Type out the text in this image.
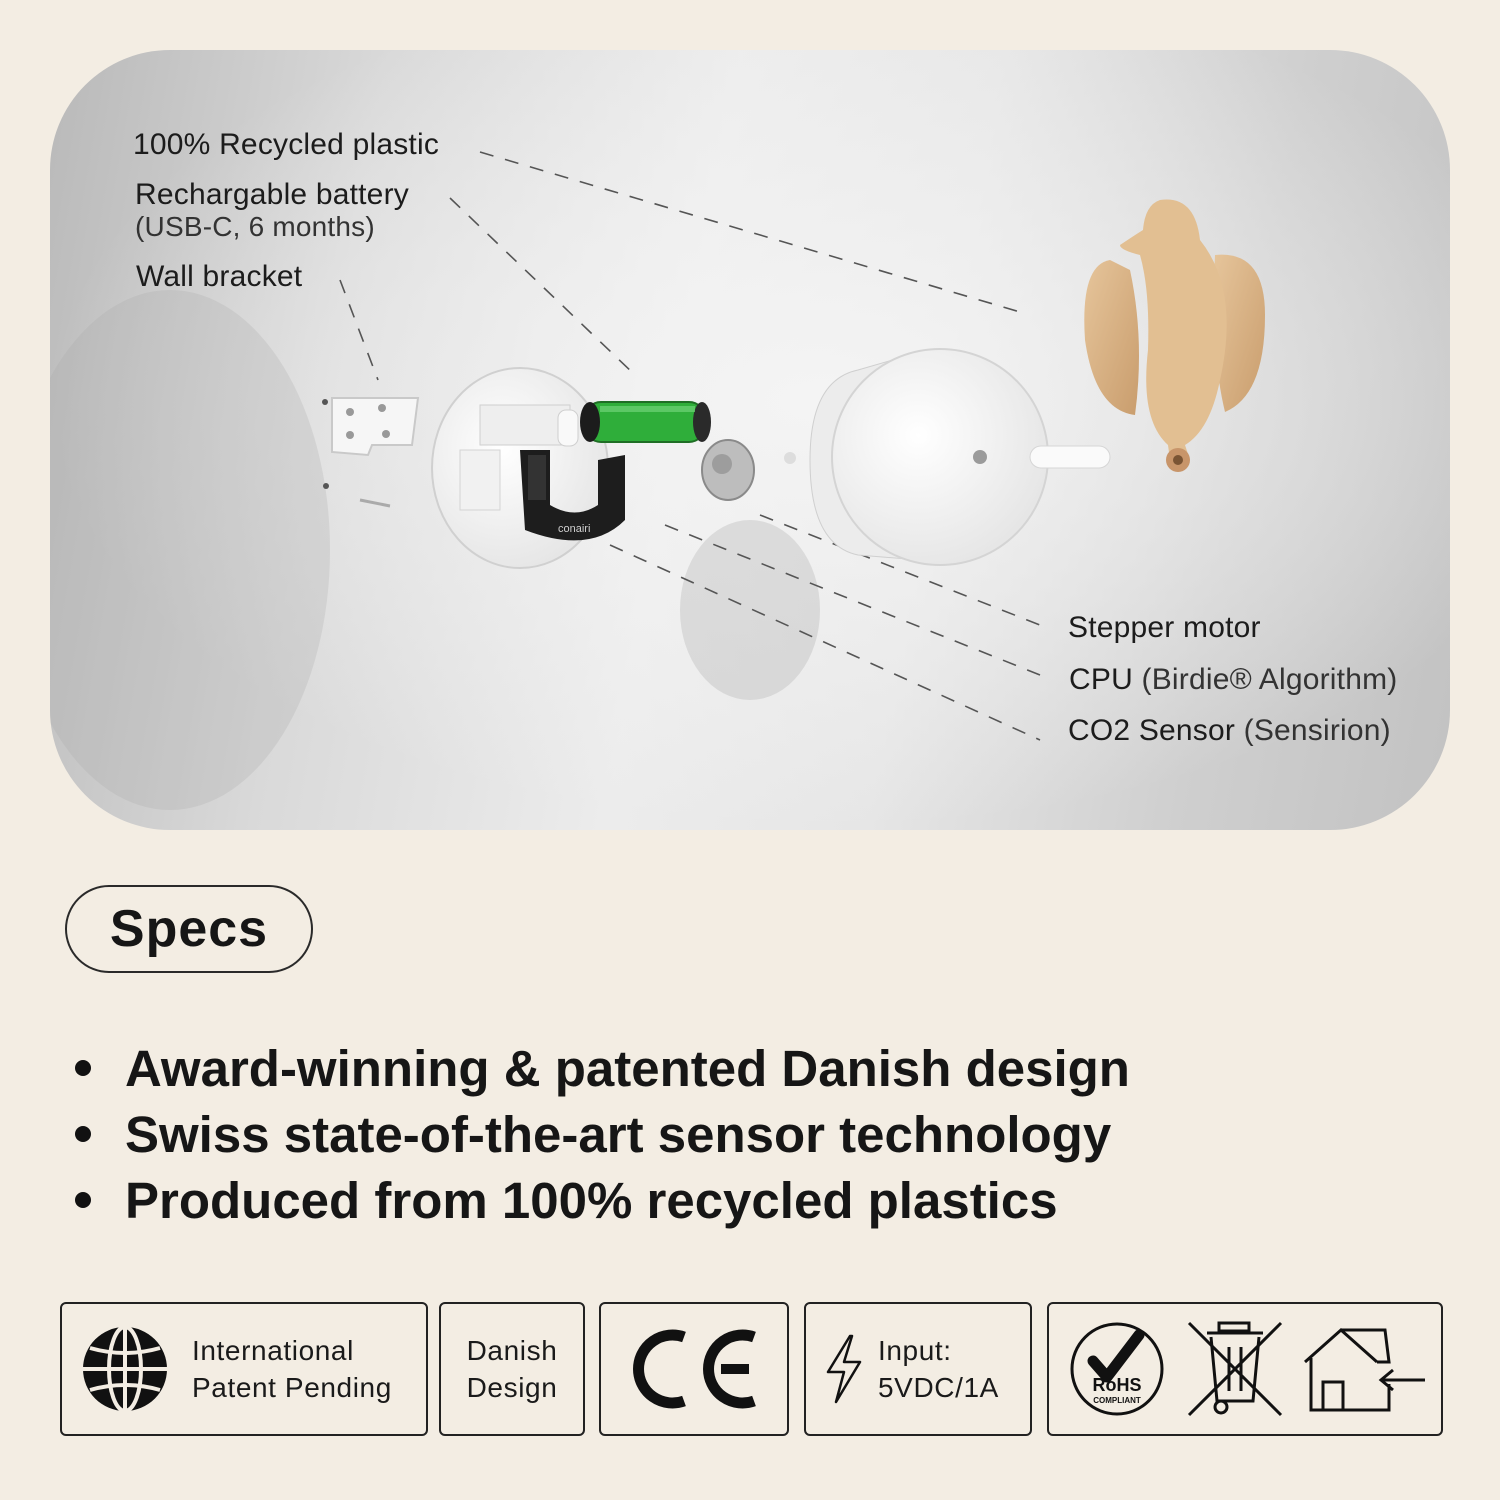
conairi
100% Recycled plastic
Rechargable battery
(USB-C, 6 months)
Wall bracket
Stepper motor
CPU (Birdie® Algorithm)
CO2 Sensor (Sensirion)
Specs
Award-winning & patented Danish design
Swiss state-of-the-art sensor technology
Produced from 100% recycled plastics
International
Patent Pending
Danish
Design
Input:
5VDC/1A	RoHS
COMPLIANT
